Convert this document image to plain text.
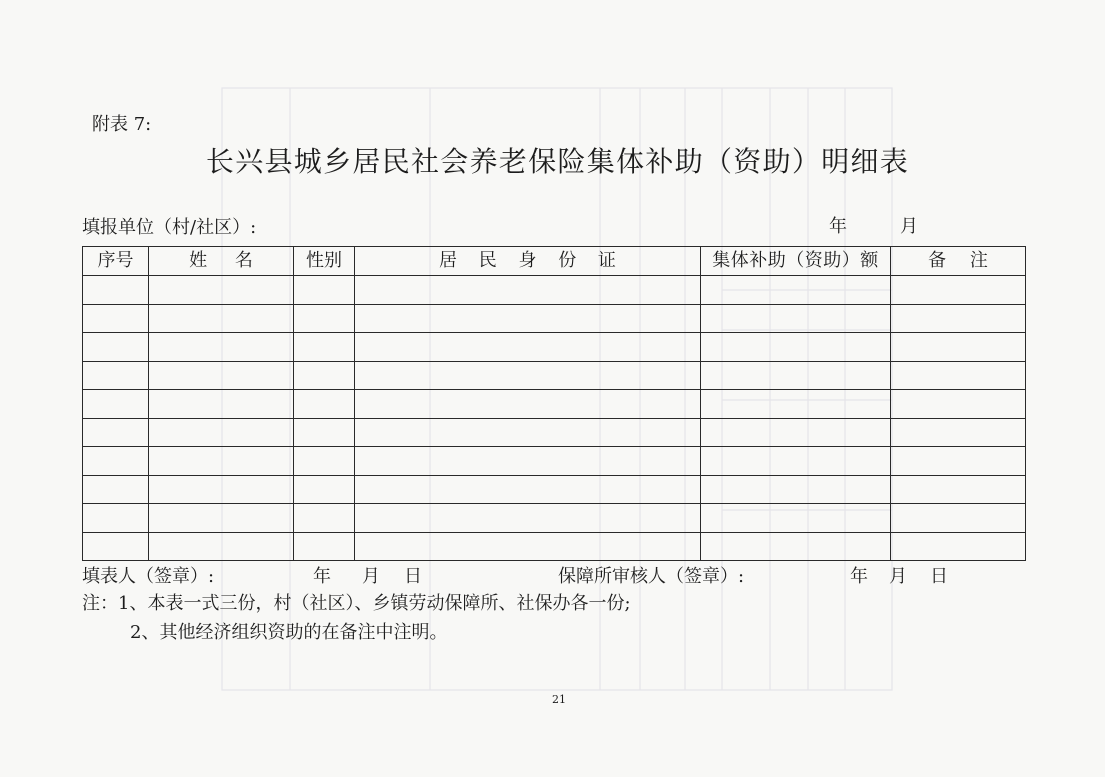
附表 7:
长兴县城乡居民社会养老保险集体补助（资助）明细表
填报单位（村/社区）:	年	月
序号	姓 名	性别	居 民 身 份 证	集体补助（资助）额	备 注

填表人（签章）:	年 月 日	保障所审核人（签章）:	年 月 日
注：1、本表一式三份，村（社区）、乡镇劳动保障所、社保办各一份;
2、其他经济组织资助的在备注中注明。
21
